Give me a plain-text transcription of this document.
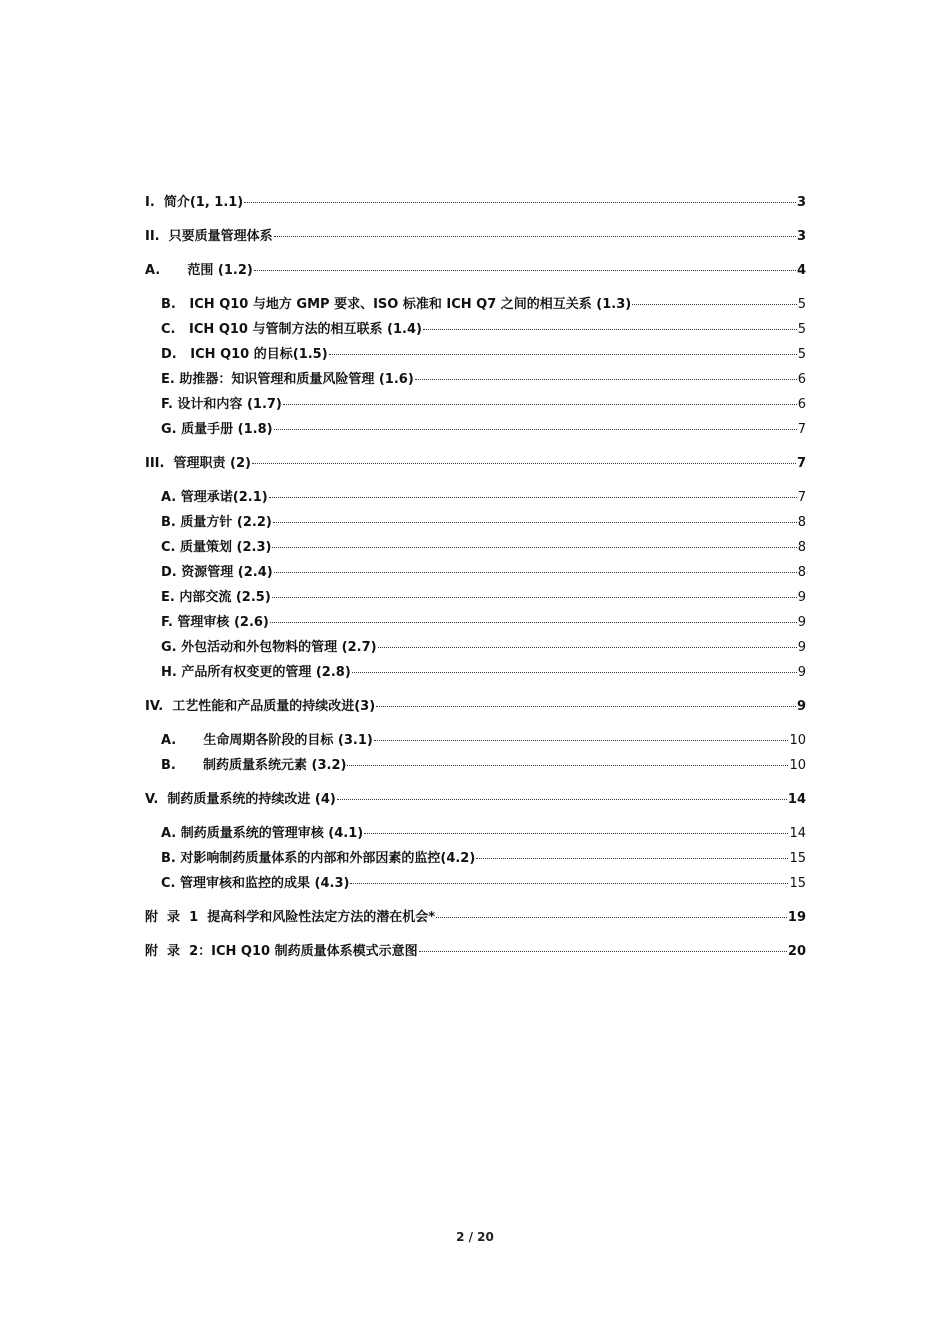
I.  简介(1, 1.1)	3
II.  只要质量管理体系	3
A.      范围 (1.2)	4
B.   ICH Q10 与地方 GMP 要求、ISO 标准和 ICH Q7 之间的相互关系 (1.3)	5
C.   ICH Q10 与管制方法的相互联系 (1.4)	5
D.   ICH Q10 的目标(1.5)	5
E. 助推器：知识管理和质量风险管理 (1.6)	6
F. 设计和内容 (1.7)	6
G. 质量手册 (1.8)	7
III.  管理职责 (2)	7
A. 管理承诺(2.1)	7
B. 质量方针 (2.2)	8
C. 质量策划 (2.3)	8
D. 资源管理 (2.4)	8
E. 内部交流 (2.5)	9
F. 管理审核 (2.6)	9
G. 外包活动和外包物料的管理 (2.7)	9
H. 产品所有权变更的管理 (2.8)	9
IV.  工艺性能和产品质量的持续改进(3)	9
A.      生命周期各阶段的目标 (3.1)	10
B.      制药质量系统元素 (3.2)	10
V.  制药质量系统的持续改进 (4)	14
A. 制药质量系统的管理审核 (4.1)	14
B. 对影响制药质量体系的内部和外部因素的监控(4.2)	15
C. 管理审核和监控的成果 (4.3)	15
附  录  1  提高科学和风险性法定方法的潜在机会*	19
附  录  2：ICH Q10 制药质量体系模式示意图	20
2 / 20
